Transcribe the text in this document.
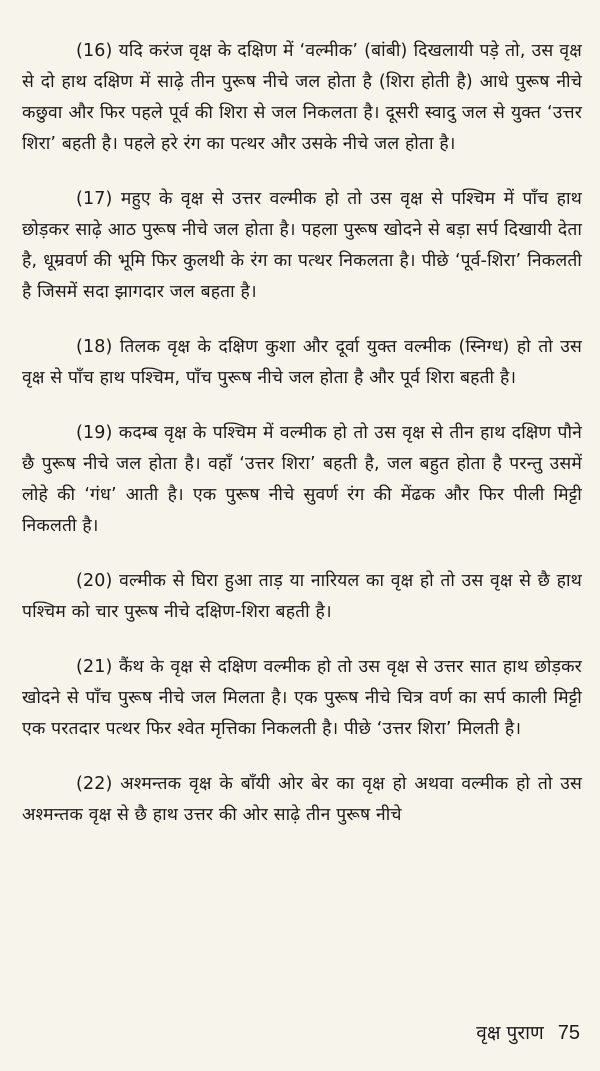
(16) यदि करंज वृक्ष के दक्षिण में ‘वल्मीक’ (बांबी) दिखलायी पड़े तो, उस वृक्ष से दो हाथ दक्षिण में साढ़े तीन पुरूष नीचे जल होता है (शिरा होती है) आधे पुरूष नीचे कछुवा और फिर पहले पूर्व की शिरा से जल निकलता है। दूसरी स्वादु जल से युक्त ‘उत्तर शिरा’ बहती है। पहले हरे रंग का पत्थर और उसके नीचे जल होता है।

(17) महुए के वृक्ष से उत्तर वल्मीक हो तो उस वृक्ष से पश्चिम में पाँच हाथ छोड़कर साढ़े आठ पुरूष नीचे जल होता है। पहला पुरूष खोदने से बड़ा सर्प दिखायी देता है, धूम्रवर्ण की भूमि फिर कुलथी के रंग का पत्थर निकलता है। पीछे ‘पूर्व-शिरा’ निकलती है जिसमें सदा झागदार जल बहता है।

(18) तिलक वृक्ष के दक्षिण कुशा और दूर्वा युक्त वल्मीक (स्निग्ध) हो तो उस वृक्ष से पाँच हाथ पश्चिम, पाँच पुरूष नीचे जल होता है और पूर्व शिरा बहती है।

(19) कदम्ब वृक्ष के पश्चिम में वल्मीक हो तो उस वृक्ष से तीन हाथ दक्षिण पौने छै पुरूष नीचे जल होता है। वहाँ ‘उत्तर शिरा’ बहती है, जल बहुत होता है परन्तु उसमें लोहे की ‘गंध’ आती है। एक पुरूष नीचे सुवर्ण रंग की मेंढक और फिर पीली मिट्टी निकलती है।

(20) वल्मीक से घिरा हुआ ताड़ या नारियल का वृक्ष हो तो उस वृक्ष से छै हाथ पश्चिम को चार पुरूष नीचे दक्षिण-शिरा बहती है।

(21) कैंथ के वृक्ष से दक्षिण वल्मीक हो तो उस वृक्ष से उत्तर सात हाथ छोड़कर खोदने से पाँच पुरूष नीचे जल मिलता है। एक पुरूष नीचे चित्र वर्ण का सर्प काली मिट्टी एक परतदार पत्थर फिर श्वेत मृत्तिका निकलती है। पीछे ‘उत्तर शिरा’ मिलती है।

(22) अश्मन्तक वृक्ष के बाँयी ओर बेर का वृक्ष हो अथवा वल्मीक हो तो उस अश्मन्तक वृक्ष से छै हाथ उत्तर की ओर साढ़े तीन पुरूष नीचे

वृक्ष पुराण 75
